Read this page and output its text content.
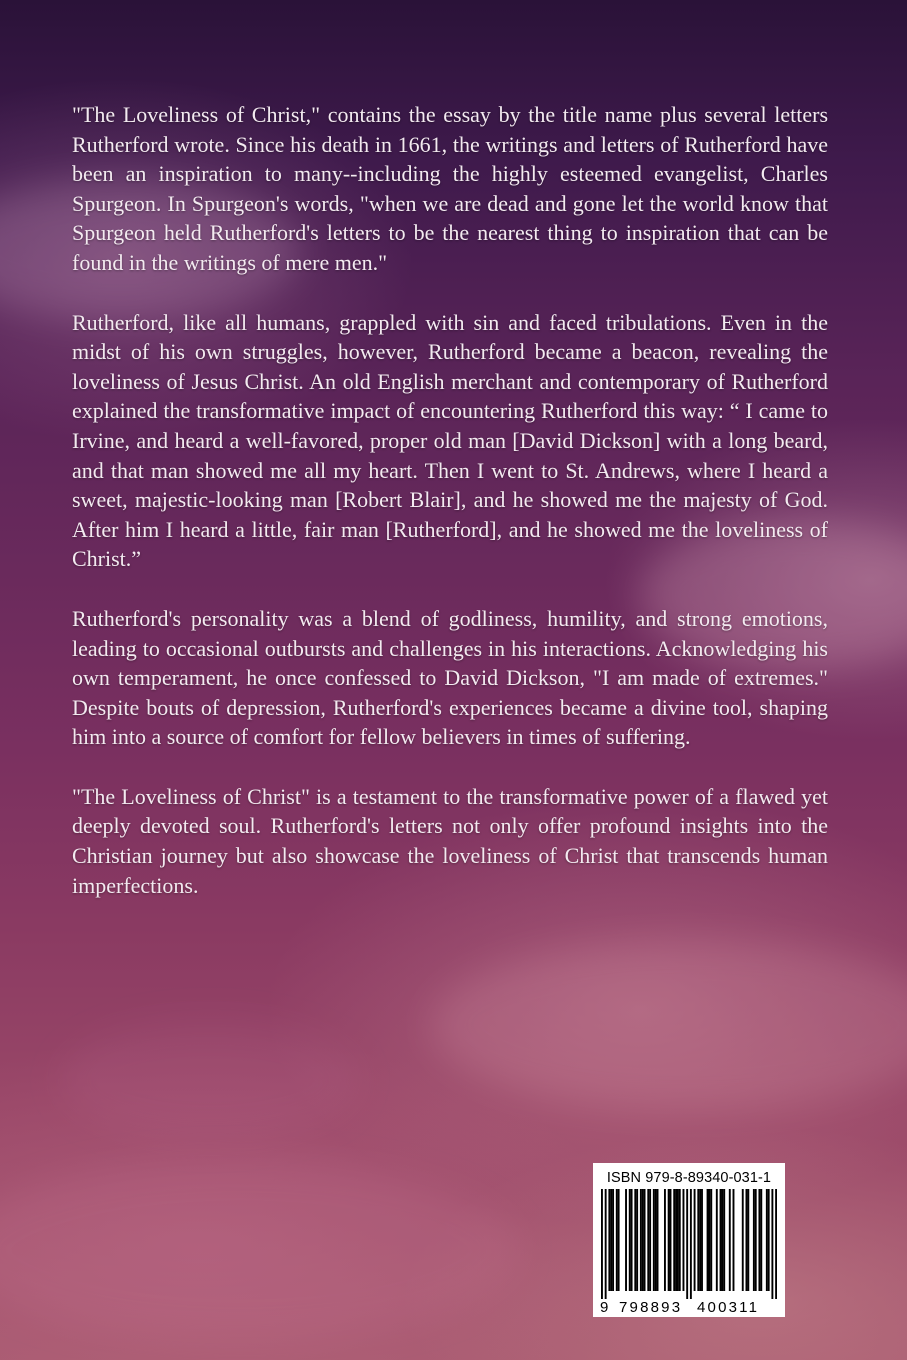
"The Loveliness of Christ," contains the essay by the title name plus several letters Rutherford wrote. Since his death in 1661, the writings and letters of Rutherford have been an inspiration to many--including the highly esteemed evangelist, Charles Spurgeon. In Spurgeon's words, "when we are dead and gone let the world know that Spurgeon held Rutherford's letters to be the nearest thing to inspiration that can be found in the writings of mere men."

Rutherford, like all humans, grappled with sin and faced tribulations. Even in the midst of his own struggles, however, Rutherford became a beacon, revealing the loveliness of Jesus Christ. An old English merchant and contemporary of Rutherford explained the transformative impact of encountering Rutherford this way: “ I came to Irvine, and heard a well-favored, proper old man [David Dickson] with a long beard, and that man showed me all my heart. Then I went to St. Andrews, where I heard a sweet, majestic-looking man [Robert Blair], and he showed me the majesty of God. After him I heard a little, fair man [Rutherford], and he showed me the loveliness of Christ.”

Rutherford's personality was a blend of godliness, humility, and strong emotions, leading to occasional outbursts and challenges in his interactions. Acknowledging his own temperament, he once confessed to David Dickson, "I am made of extremes." Despite bouts of depression, Rutherford's experiences became a divine tool, shaping him into a source of comfort for fellow believers in times of suffering.

"The Loveliness of Christ" is a testament to the transformative power of a flawed yet deeply devoted soul. Rutherford's letters not only offer profound insights into the Christian journey but also showcase the loveliness of Christ that transcends human imperfections.

ISBN 979-8-89340-031-1
9 798893 400311
